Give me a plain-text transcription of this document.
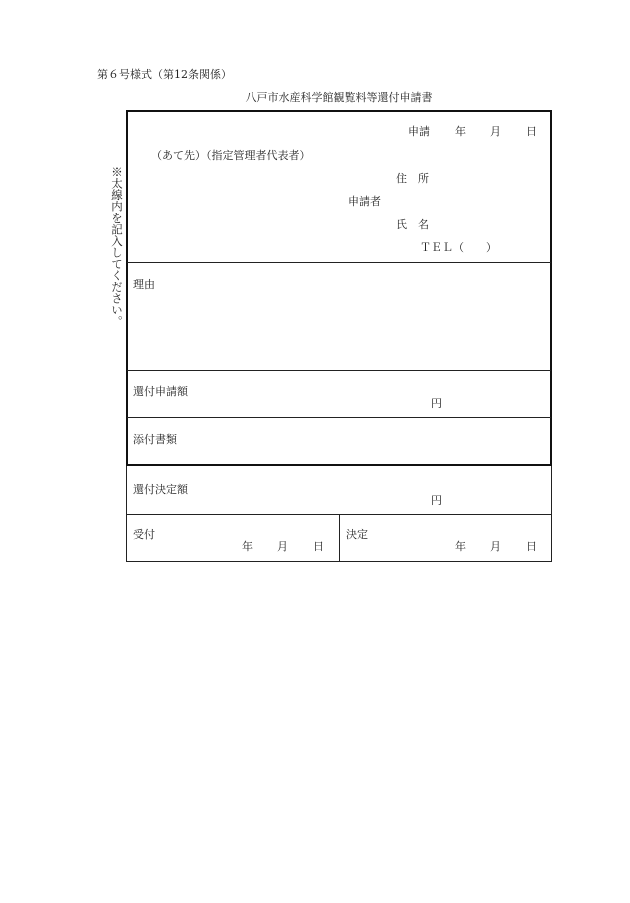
第６号様式（第12条関係）
八戸市水産科学館観覧料等還付申請書
※太線内を記入してください。
申請 年 月 日
（あて先）（指定管理者代表者）
住　所
申請者
氏　名
ＴＥＬ（　　）
理由
還付申請額
円
添付書類
還付決定額
円
受付
年 月 日
決定
年 月 日
